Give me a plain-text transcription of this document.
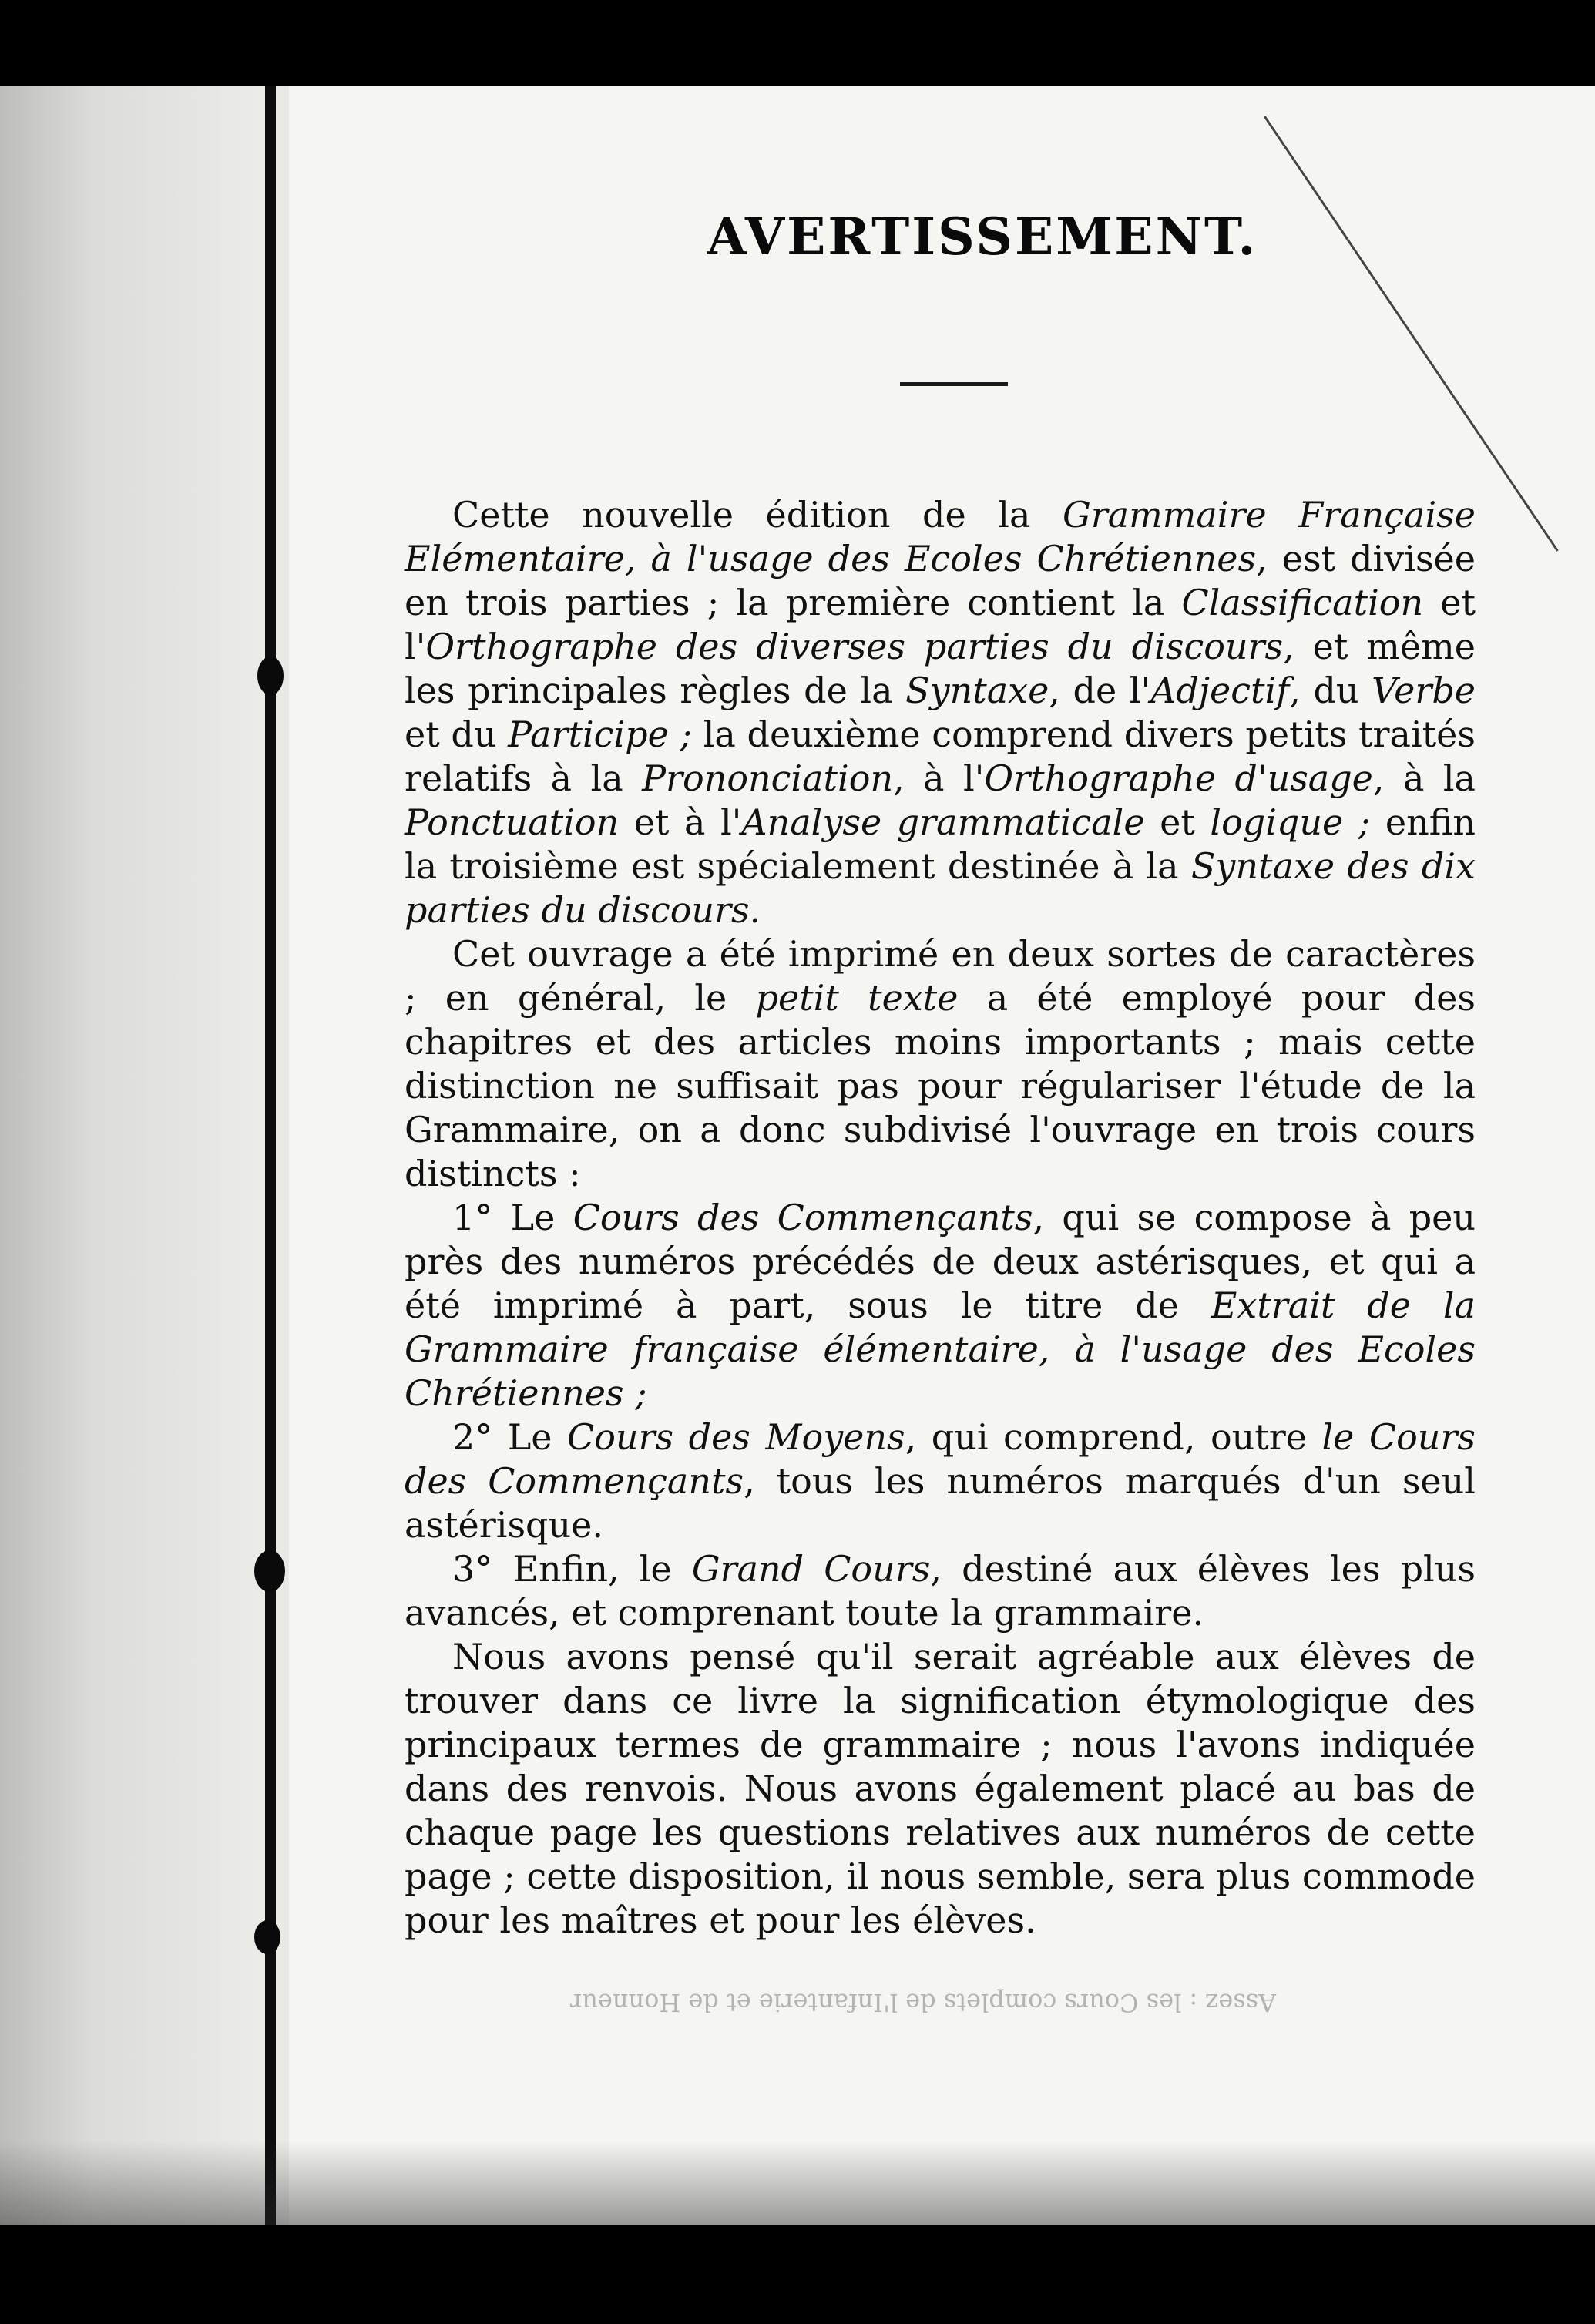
AVERTISSEMENT.

Cette nouvelle édition de la Grammaire Française Elémentaire, à l'usage des Ecoles Chrétiennes, est divisée en trois parties ; la première contient la Classification et l'Orthographe des diverses parties du discours, et même les principales règles de la Syntaxe, de l'Adjectif, du Verbe et du Participe ; la deuxième comprend divers petits traités relatifs à la Prononciation, à l'Orthographe d'usage, à la Ponctuation et à l'Analyse grammaticale et logique ; enfin la troisième est spécialement destinée à la Syntaxe des dix parties du discours.

Cet ouvrage a été imprimé en deux sortes de caractères ; en général, le petit texte a été employé pour des chapitres et des articles moins importants ; mais cette distinction ne suffisait pas pour régulariser l'étude de la Grammaire, on a donc subdivisé l'ouvrage en trois cours distincts :

1° Le Cours des Commençants, qui se compose à peu près des numéros précédés de deux astérisques, et qui a été imprimé à part, sous le titre de Extrait de la Grammaire française élémentaire, à l'usage des Ecoles Chrétiennes ;

2° Le Cours des Moyens, qui comprend, outre le Cours des Commençants, tous les numéros marqués d'un seul astérisque.

3° Enfin, le Grand Cours, destiné aux élèves les plus avancés, et comprenant toute la grammaire.

Nous avons pensé qu'il serait agréable aux élèves de trouver dans ce livre la signification étymologique des principaux termes de grammaire ; nous l'avons indiquée dans des renvois. Nous avons également placé au bas de chaque page les questions relatives aux numéros de cette page ; cette disposition, il nous semble, sera plus commode pour les maîtres et pour les élèves.

Assez : les Cours complets de l'Infanterie et de Honneur
